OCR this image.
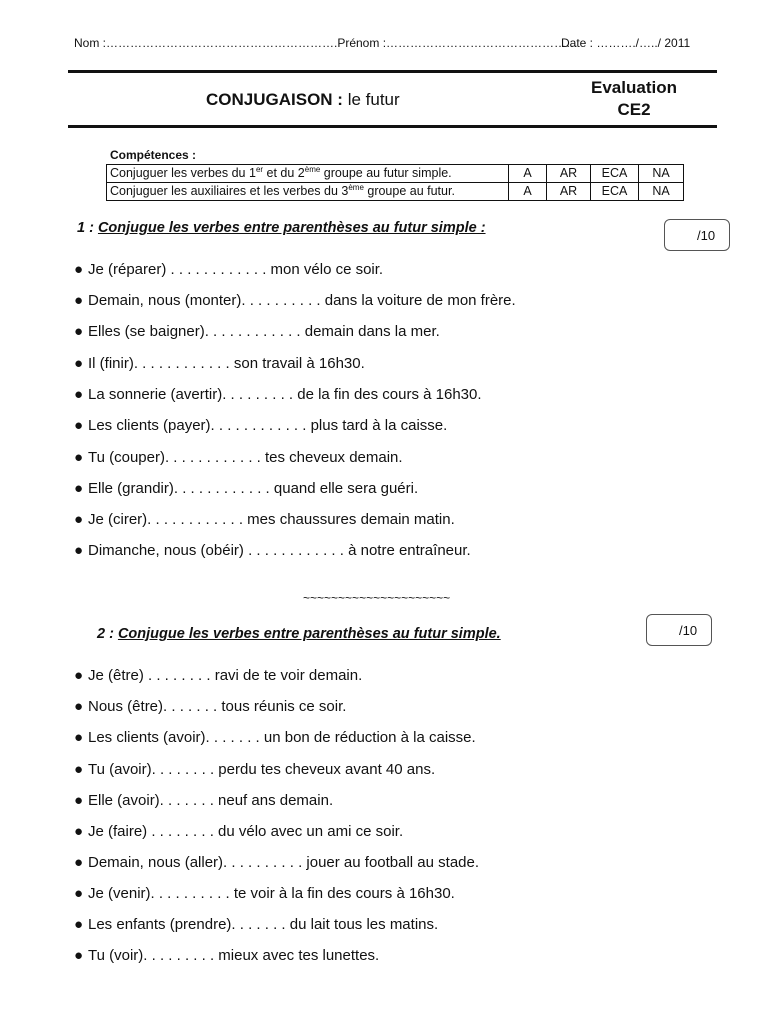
Nom :………………………………………………….Prénom :…………………………………………
Date : ………./…../ 2011
CONJUGAISON : le futur
Evaluation
CE2
Compétences :
Conjuguer les verbes du 1er et du 2ème groupe au futur simple.	A	AR	ECA	NA
Conjuguer les auxiliaires et les verbes du 3ème groupe au futur.	A	AR	ECA	NA
1 : Conjugue les verbes entre parenthèses au futur simple :	/10
● Je (réparer) . . . . . . . . . . . . mon vélo ce soir.
● Demain, nous (monter). . . . . . . . . . dans la voiture de mon frère.
● Elles (se baigner). . . . . . . . . . . . demain dans la mer.
● Il (finir). . . . . . . . . . . . son travail à 16h30.
● La sonnerie (avertir). . . . . . . . . de la fin des cours à 16h30.
● Les clients (payer). . . . . . . . . . . . plus tard à la caisse.
● Tu (couper). . . . . . . . . . . . tes cheveux demain.
● Elle (grandir). . . . . . . . . . . . quand elle sera guéri.
● Je (cirer). . . . . . . . . . . . mes chaussures demain matin.
● Dimanche, nous (obéir) . . . . . . . . . . . . à notre entraîneur.
~~~~~~~~~~~~~~~~~~~~~
2 : Conjugue les verbes entre parenthèses au futur simple.	/10
● Je (être) . . . . . . . . ravi de te voir demain.
● Nous (être). . . . . . . tous réunis ce soir.
● Les clients (avoir). . . . . . . un bon de réduction à la caisse.
● Tu (avoir). . . . . . . . perdu tes cheveux avant 40 ans.
● Elle (avoir). . . . . . . neuf ans demain.
● Je (faire) . . . . . . . . du vélo avec un ami ce soir.
● Demain, nous (aller). . . . . . . . . . jouer au football au stade.
● Je (venir). . . . . . . . . . te voir à la fin des cours à 16h30.
● Les enfants (prendre). . . . . . . du lait tous les matins.
● Tu (voir). . . . . . . . . mieux avec tes lunettes.
